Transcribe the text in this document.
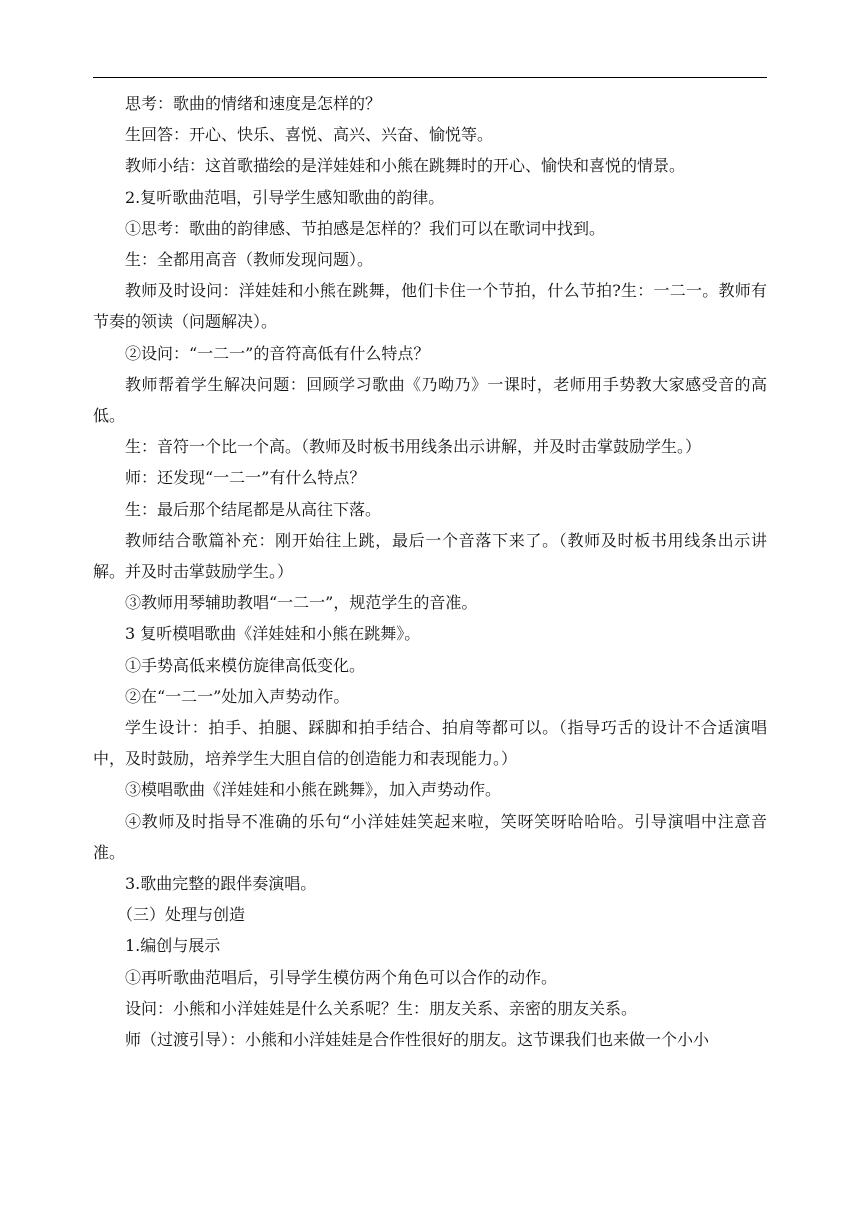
思考：歌曲的情绪和速度是怎样的？

生回答：开心、快乐、喜悦、高兴、兴奋、愉悦等。

教师小结：这首歌描绘的是洋娃娃和小熊在跳舞时的开心、愉快和喜悦的情景。

2.复听歌曲范唱，引导学生感知歌曲的韵律。

①思考：歌曲的韵律感、节拍感是怎样的？我们可以在歌词中找到。

生：全都用高音（教师发现问题）。

教师及时设问：洋娃娃和小熊在跳舞，他们卡住一个节拍，什么节拍?生：一二一。教师有节奏的领读（问题解决）。

②设问：“一二一”的音符高低有什么特点？

教师帮着学生解决问题：回顾学习歌曲《乃呦乃》一课时，老师用手势教大家感受音的高低。

生：音符一个比一个高。（教师及时板书用线条出示讲解，并及时击掌鼓励学生。）

师：还发现“一二一”有什么特点？

生：最后那个结尾都是从高往下落。

教师结合歌篇补充：刚开始往上跳，最后一个音落下来了。（教师及时板书用线条出示讲解。并及时击掌鼓励学生。）

③教师用琴辅助教唱“一二一”，规范学生的音准。

3 复听模唱歌曲《洋娃娃和小熊在跳舞》。

①手势高低来模仿旋律高低变化。

②在“一二一”处加入声势动作。

学生设计：拍手、拍腿、踩脚和拍手结合、拍肩等都可以。（指导巧舌的设计不合适演唱中，及时鼓励，培养学生大胆自信的创造能力和表现能力。）

③模唱歌曲《洋娃娃和小熊在跳舞》，加入声势动作。

④教师及时指导不准确的乐句“小洋娃娃笑起来啦，笑呀笑呀哈哈哈。引导演唱中注意音准。

3.歌曲完整的跟伴奏演唱。

（三）处理与创造

1.编创与展示

①再听歌曲范唱后，引导学生模仿两个角色可以合作的动作。

设问：小熊和小洋娃娃是什么关系呢？生：朋友关系、亲密的朋友关系。

师（过渡引导）：小熊和小洋娃娃是合作性很好的朋友。这节课我们也来做一个小小
